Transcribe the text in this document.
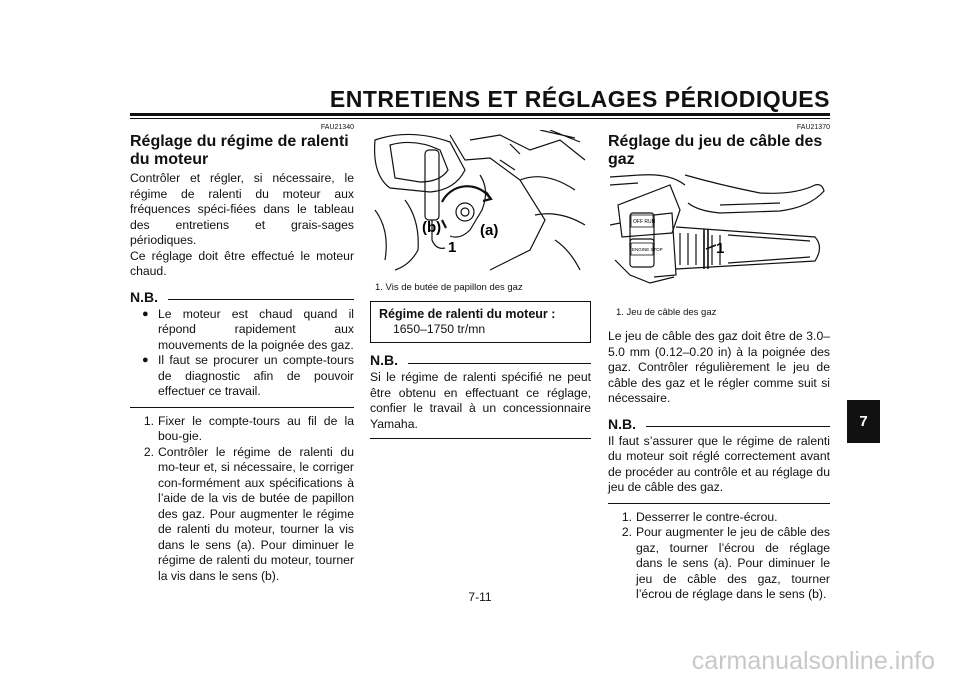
ENTRETIENS ET RÉGLAGES PÉRIODIQUES
FAU21340
Réglage du régime de ralenti du moteur
Contrôler et régler, si nécessaire, le régime de ralenti du moteur aux fréquences spéci-fiées dans le tableau des entretiens et grais-sages périodiques.
Ce réglage doit être effectué le moteur chaud.
N.B.
● Le moteur est chaud quand il répond rapidement aux mouvements de la poignée des gaz.
● Il faut se procurer un compte-tours de diagnostic afin de pouvoir effectuer ce travail.
1. Fixer le compte-tours au fil de la bou-gie.
2. Contrôler le régime de ralenti du mo-teur et, si nécessaire, le corriger con-formément aux spécifications à l’aide de la vis de butée de papillon des gaz. Pour augmenter le régime de ralenti du moteur, tourner la vis dans le sens (a). Pour diminuer le régime de ralenti du moteur, tourner la vis dans le sens (b).
(b)	(a)
1
1. Vis de butée de papillon des gaz
Régime de ralenti du moteur :
1650–1750 tr/mn
N.B.
Si le régime de ralenti spécifié ne peut être obtenu en effectuant ce réglage, confier le travail à un concessionnaire Yamaha.
FAU21370
Réglage du jeu de câble des gaz
OFF RUN
ENGINE STOP	1
1. Jeu de câble des gaz
Le jeu de câble des gaz doit être de 3.0–5.0 mm (0.12–0.20 in) à la poignée des gaz. Contrôler régulièrement le jeu de câble des gaz et le régler comme suit si nécessaire.
N.B.
Il faut s’assurer que le régime de ralenti du moteur soit réglé correctement avant de procéder au contrôle et au réglage du jeu de câble des gaz.
1. Desserrer le contre-écrou.
2. Pour augmenter le jeu de câble des gaz, tourner l’écrou de réglage dans le sens (a). Pour diminuer le jeu de câble des gaz, tourner l’écrou de réglage dans le sens (b).
7
7-11
carmanualsonline.info
